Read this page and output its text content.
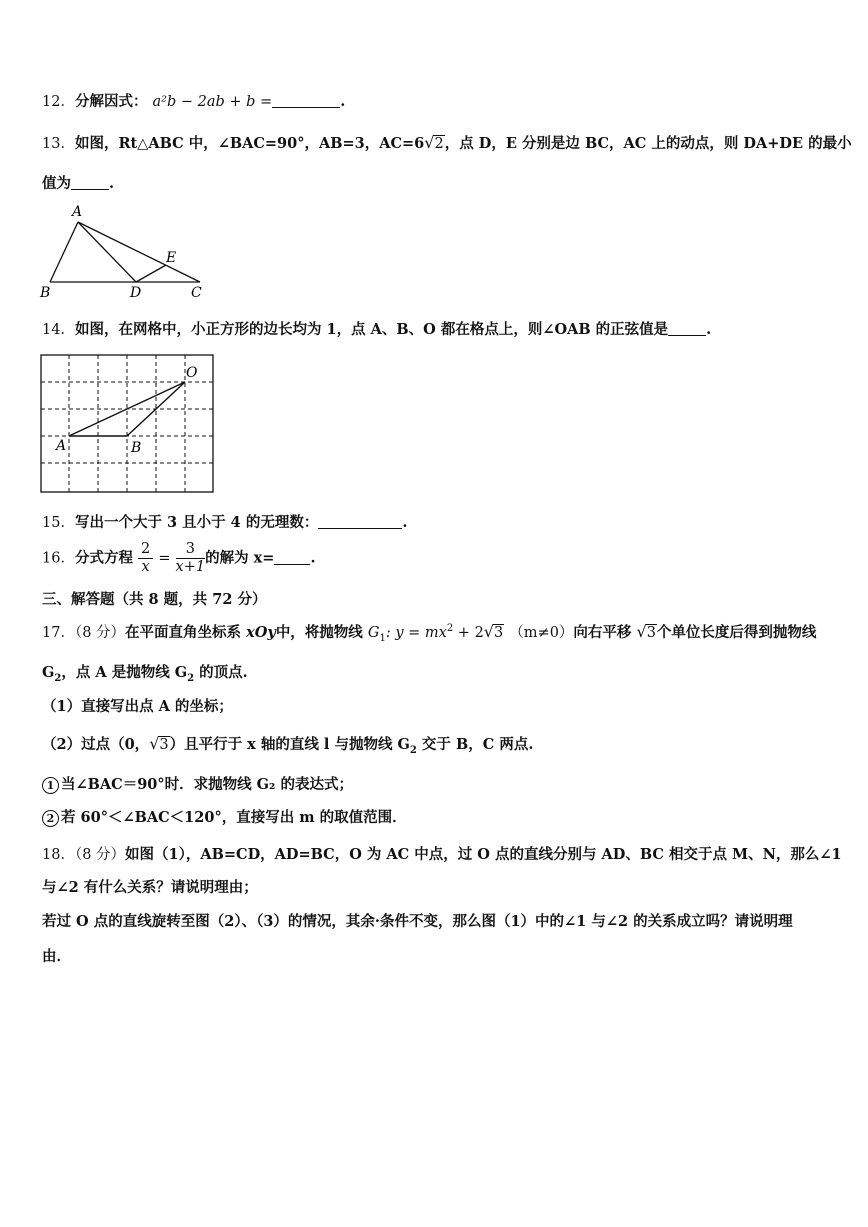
12．分解因式： a²b − 2ab + b =	.
13．如图，Rt△ABC 中，∠BAC=90°，AB=3，AC=6√2，点 D，E 分别是边 BC，AC 上的动点，则 DA+DE 的最小
值为	.
A
B	D	C
E
14．如图，在网格中，小正方形的边长均为 1，点 A、B、O 都在格点上，则∠OAB 的正弦值是	.
O
A	B
15．写出一个大于 3 且小于 4 的无理数：	.
16．分式方程 $\frac{2}{x} = \frac{3}{x+1}$ 的解为 x= .
三、解答题（共 8 题，共 72 分）
17．（8 分）在平面直角坐标系 xOy中，将抛物线 $G_1$: $y = mx^2 + 2√3$ （m≠0）向右平移 √3个单位长度后得到抛物线
$G_2$，点 A 是抛物线 $G_2$ 的顶点.
（1）直接写出点 A 的坐标；
（2）过点（0，√3）且平行于 x 轴的直线 l 与抛物线 $G_2$ 交于 B，C 两点.
1 当∠BAC＝90°时．求抛物线 G₂ 的表达式；
2 若 60°＜∠BAC＜120°，直接写出 m 的取值范围．
18．（8 分）如图（1），AB=CD，AD=BC，O 为 AC 中点，过 O 点的直线分别与 AD、BC 相交于点 M、N，那么∠1
与∠2 有什么关系？请说明理由；
若过 O 点的直线旋转至图（2）、（3）的情况，其余·条件不变，那么图（1）中的∠1 与∠2 的关系成立吗？请说明理
由．
